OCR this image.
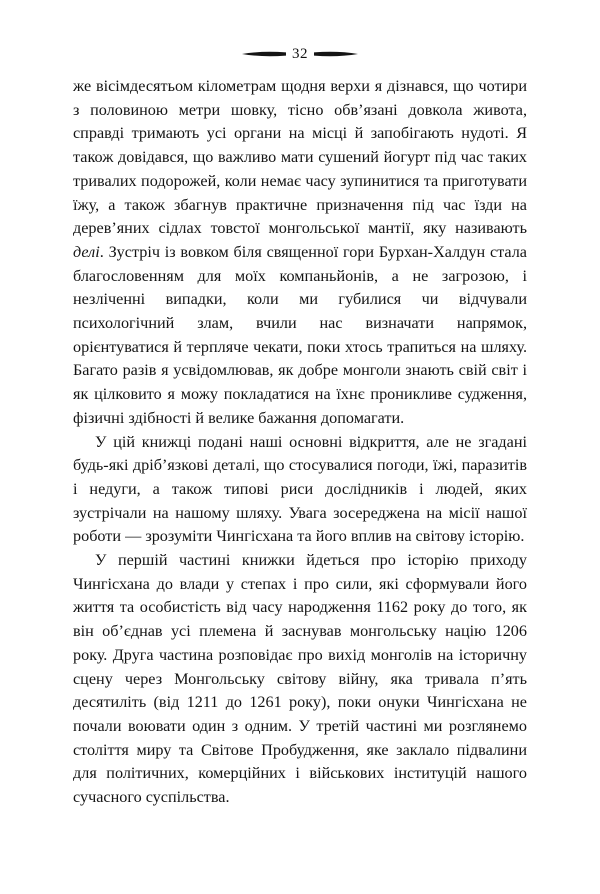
32

же вісімдесятьом кілометрам щодня верхи я дізнався, що чотири з половиною метри шовку, тісно обв’язані довкола живота, справді тримають усі органи на місці й запобігають нудоті. Я також довідався, що важливо мати сушений йогурт під час таких тривалих подорожей, коли немає часу зупинитися та приготувати їжу, а також збагнув практичне призначення під час їзди на дерев’яних сідлах товстої монгольської мантії, яку називають делі. Зустріч із вовком біля священної гори Бурхан-Халдун стала благословенням для моїх компаньйонів, а не загрозою, і незліченні випадки, коли ми губилися чи відчували психологічний злам, вчили нас визначати напрямок, орієнтуватися й терпляче чекати, поки хтось трапиться на шляху. Багато разів я усвідомлював, як добре монголи знають свій світ і як цілковито я можу покладатися на їхнє проникливе судження, фізичні здібності й велике бажання допомагати.

У цій книжці подані наші основні відкриття, але не згадані будь-які дріб’язкові деталі, що стосувалися погоди, їжі, паразитів і недуги, а також типові риси дослідників і людей, яких зустрічали на нашому шляху. Увага зосереджена на місії нашої роботи — зрозуміти Чингісхана та його вплив на світову історію.

У першій частині книжки йдеться про історію приходу Чингісхана до влади у степах і про сили, які сформували його життя та особистість від часу народження 1162 року до того, як він об’єднав усі племена й заснував монгольську націю 1206 року. Друга частина розповідає про вихід монголів на історичну сцену через Монгольську світову війну, яка тривала п’ять десятиліть (від 1211 до 1261 року), поки онуки Чингісхана не почали воювати один з одним. У третій частині ми розглянемо століття миру та Світове Пробудження, яке заклало підвалини для політичних, комерційних і військових інституцій нашого сучасного суспільства.
